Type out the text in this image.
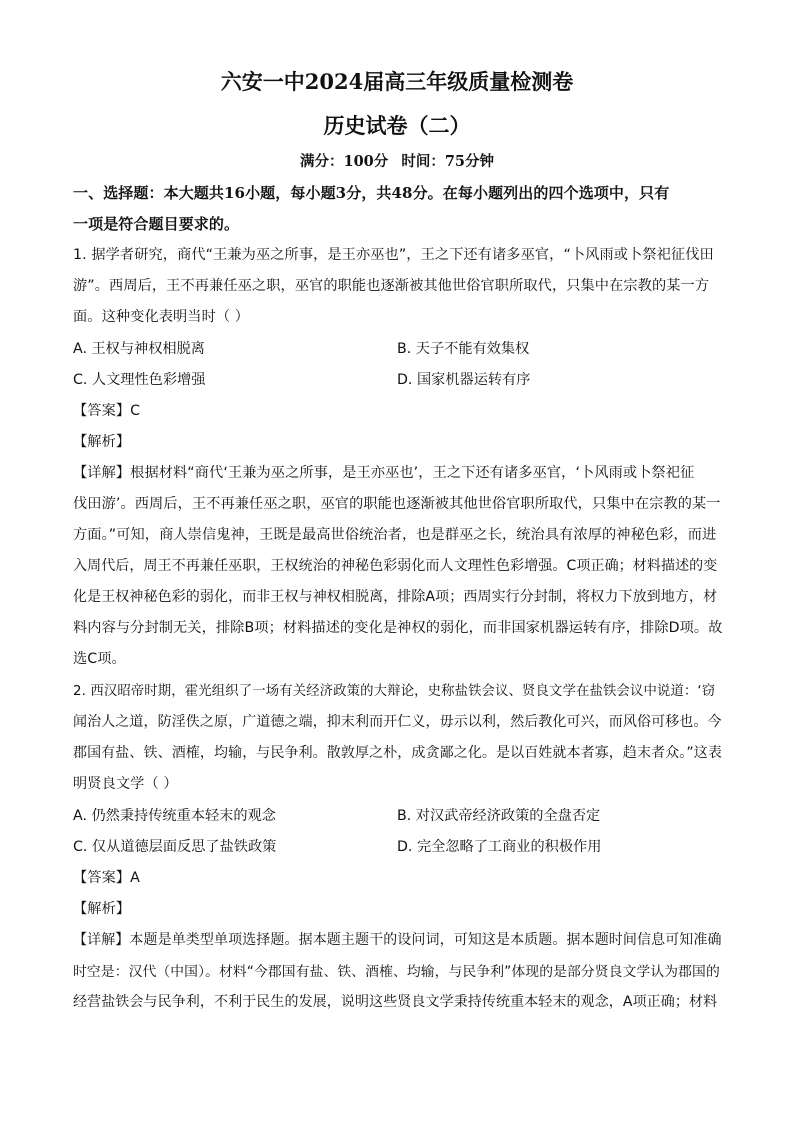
六安一中2024届高三年级质量检测卷
历史试卷（二）
满分：100分 时间：75分钟
一、选择题：本大题共16小题，每小题3分，共48分。在每小题列出的四个选项中，只有
一项是符合题目要求的。
1. 据学者研究，商代“王兼为巫之所事，是王亦巫也”，王之下还有诸多巫官，“卜风雨或卜祭祀征伐田
游”。西周后，王不再兼任巫之职，巫官的职能也逐渐被其他世俗官职所取代，只集中在宗教的某一方
面。这种变化表明当时（ ）
A. 王权与神权相脱离	B. 天子不能有效集权
C. 人文理性色彩增强	D. 国家机器运转有序
【答案】C
【解析】
【详解】根据材料“商代‘王兼为巫之所事，是王亦巫也’，王之下还有诸多巫官，‘卜风雨或卜祭祀征
伐田游’。西周后，王不再兼任巫之职，巫官的职能也逐渐被其他世俗官职所取代，只集中在宗教的某一
方面。”可知，商人崇信鬼神，王既是最高世俗统治者，也是群巫之长，统治具有浓厚的神秘色彩，而进
入周代后，周王不再兼任巫职，王权统治的神秘色彩弱化而人文理性色彩增强。C项正确；材料描述的变
化是王权神秘色彩的弱化，而非王权与神权相脱离，排除A项；西周实行分封制，将权力下放到地方，材
料内容与分封制无关，排除B项；材料描述的变化是神权的弱化，而非国家机器运转有序，排除D项。故
选C项。
2. 西汉昭帝时期，霍光组织了一场有关经济政策的大辩论，史称盐铁会议、贤良文学在盐铁会议中说道：‘窃
闻治人之道，防淫佚之原，广道德之端，抑末利而开仁义，毋示以利，然后教化可兴，而风俗可移也。今
郡国有盐、铁、酒榷，均输，与民争利。散敦厚之朴，成贪鄙之化。是以百姓就本者寡，趋末者众。”这表
明贤良文学（ ）
A. 仍然秉持传统重本轻末的观念	B. 对汉武帝经济政策的全盘否定
C. 仅从道德层面反思了盐铁政策	D. 完全忽略了工商业的积极作用
【答案】A
【解析】
【详解】本题是单类型单项选择题。据本题主题干的设问词，可知这是本质题。据本题时间信息可知准确
时空是：汉代（中国）。材料“今郡国有盐、铁、酒榷、均输，与民争利”体现的是部分贤良文学认为郡国的
经营盐铁会与民争利，不利于民生的发展，说明这些贤良文学秉持传统重本轻末的观念，A项正确；材料
